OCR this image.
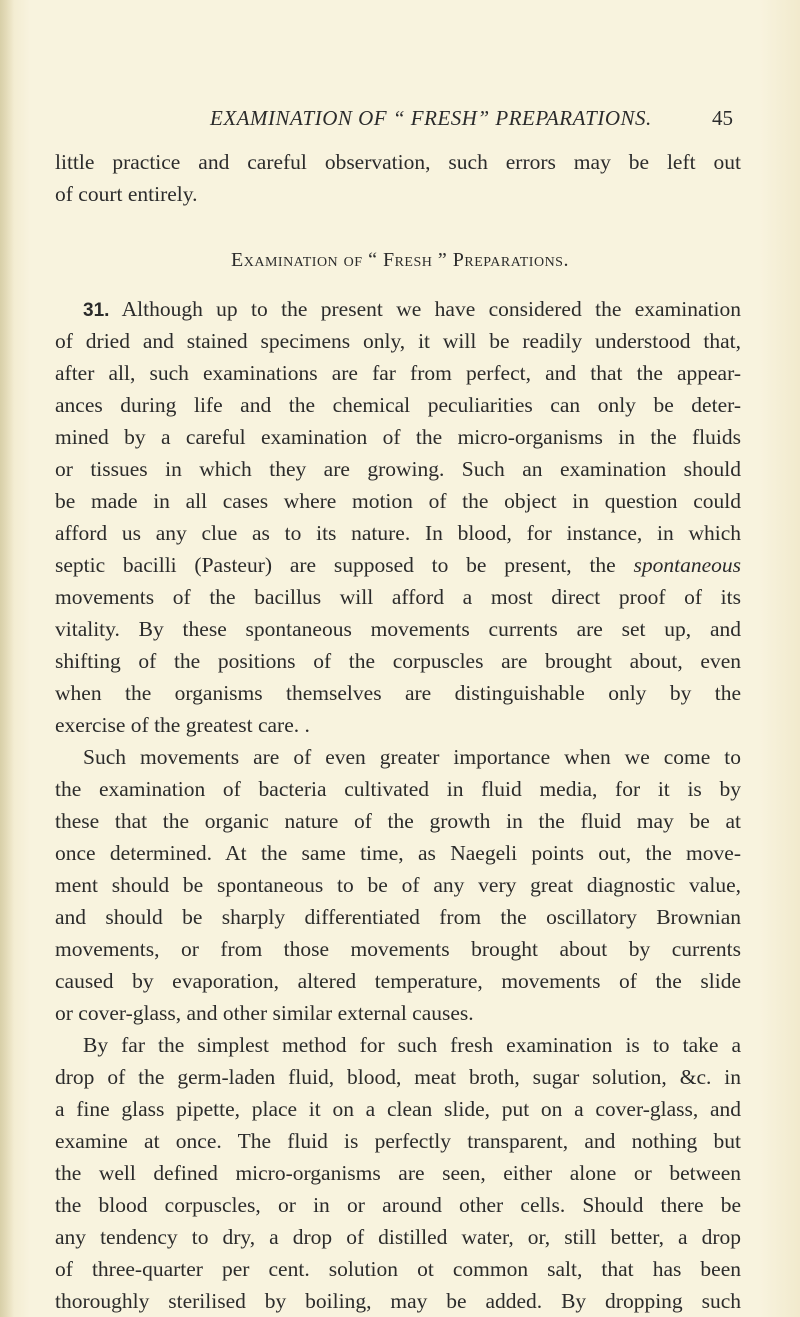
EXAMINATION OF “ FRESH” PREPARATIONS.	45
little practice and careful observation, such errors may be left out
of court entirely.
Examination of “ Fresh ” Preparations.
31. Although up to the present we have considered the examination
of dried and stained specimens only, it will be readily understood that,
after all, such examinations are far from perfect, and that the appear-
ances during life and the chemical peculiarities can only be deter-
mined by a careful examination of the micro-organisms in the fluids
or tissues in which they are growing. Such an examination should
be made in all cases where motion of the object in question could
afford us any clue as to its nature. In blood, for instance, in which
septic bacilli (Pasteur) are supposed to be present, the spontaneous
movements of the bacillus will afford a most direct proof of its
vitality. By these spontaneous movements currents are set up, and
shifting of the positions of the corpuscles are brought about, even
when the organisms themselves are distinguishable only by the
exercise of the greatest care. .
Such movements are of even greater importance when we come to
the examination of bacteria cultivated in fluid media, for it is by
these that the organic nature of the growth in the fluid may be at
once determined. At the same time, as Naegeli points out, the move-
ment should be spontaneous to be of any very great diagnostic value,
and should be sharply differentiated from the oscillatory Brownian
movements, or from those movements brought about by currents
caused by evaporation, altered temperature, movements of the slide
or cover-glass, and other similar external causes.
By far the simplest method for such fresh examination is to take a
drop of the germ-laden fluid, blood, meat broth, sugar solution, &c. in
a fine glass pipette, place it on a clean slide, put on a cover-glass, and
examine at once. The fluid is perfectly transparent, and nothing but
the well defined micro-organisms are seen, either alone or between
the blood corpuscles, or in or around other cells. Should there be
any tendency to dry, a drop of distilled water, or, still better, a drop
of three-quarter per cent. solution ot common salt, that has been
thoroughly sterilised by boiling, may be added. By dropping such
